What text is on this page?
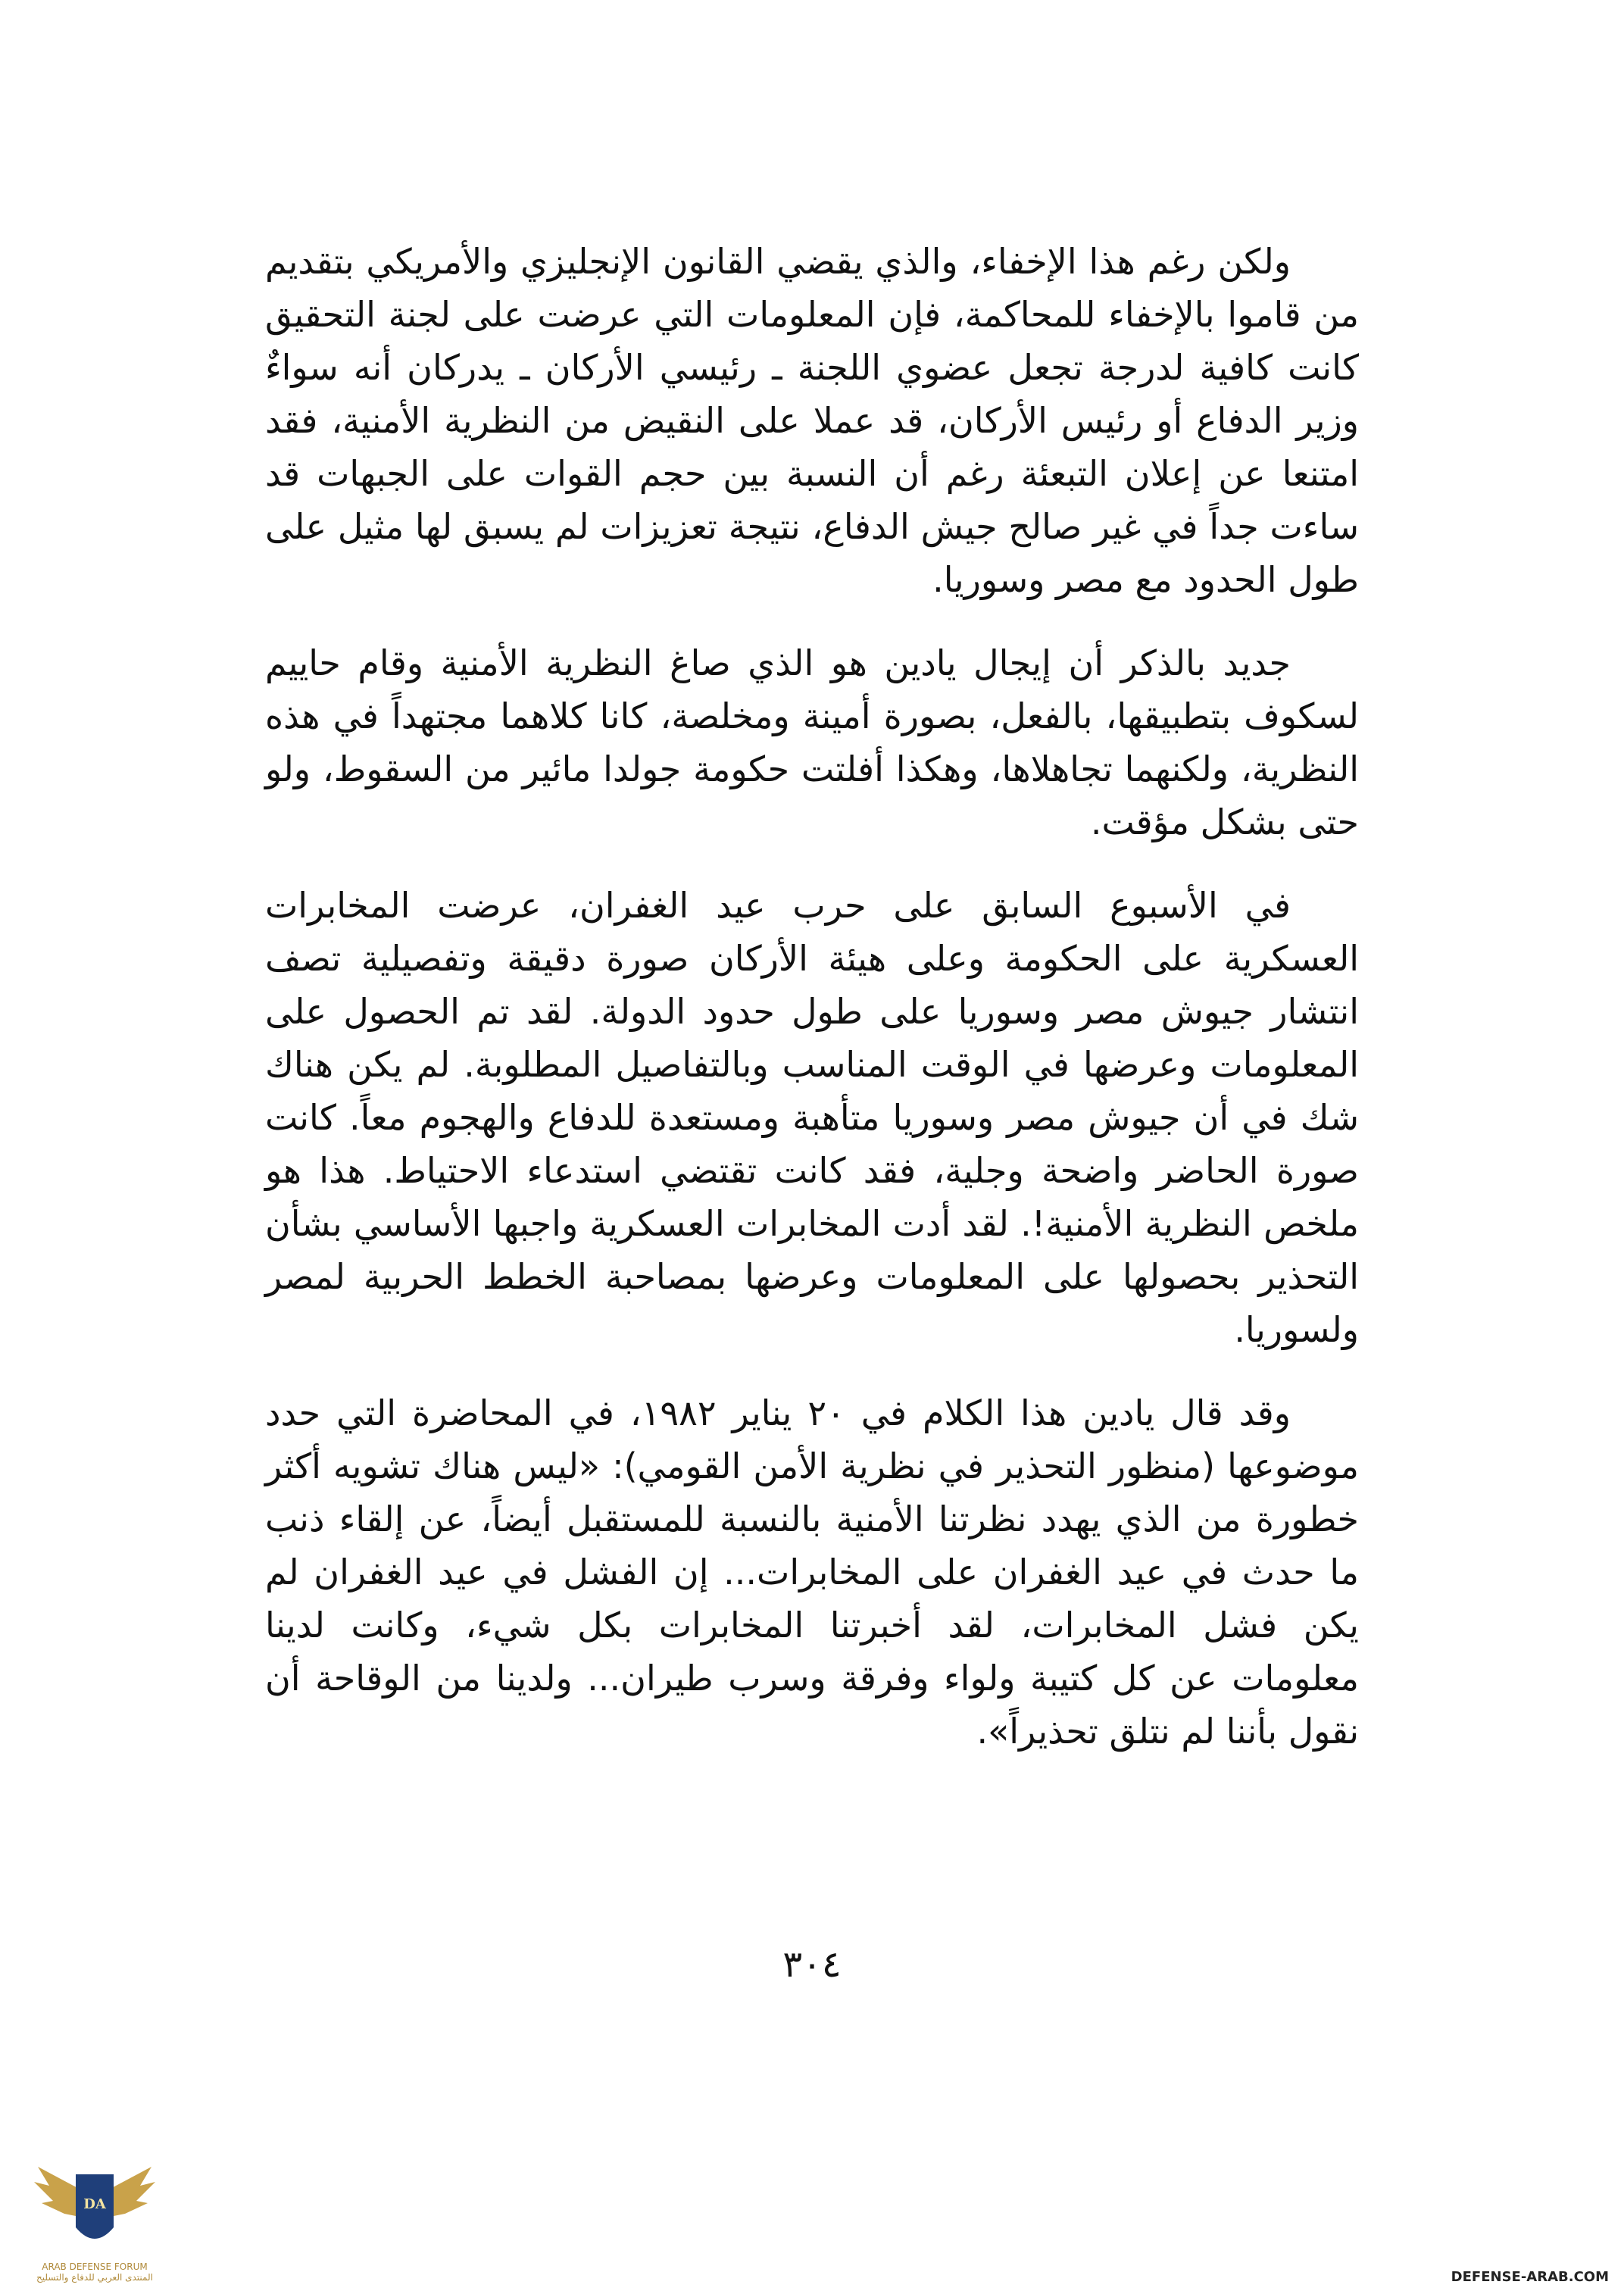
ولكن رغم هذا الإخفاء، والذي يقضي القانون الإنجليزي والأمريكي بتقديم من قاموا بالإخفاء للمحاكمة، فإن المعلومات التي عرضت على لجنة التحقيق كانت كافية لدرجة تجعل عضوي اللجنة ـ رئيسي الأركان ـ يدركان أنه سواءٌ وزير الدفاع أو رئيس الأركان، قد عملا على النقيض من النظرية الأمنية، فقد امتنعا عن إعلان التبعئة رغم أن النسبة بين حجم القوات على الجبهات قد ساءت جداً في غير صالح جيش الدفاع، نتيجة تعزيزات لم يسبق لها مثيل على طول الحدود مع مصر وسوريا.

جديد بالذكر أن إيجال يادين هو الذي صاغ النظرية الأمنية وقام حاييم لسكوف بتطبيقها، بالفعل، بصورة أمينة ومخلصة، كانا كلاهما مجتهداً في هذه النظرية، ولكنهما تجاهلاها، وهكذا أفلتت حكومة جولدا مائير من السقوط، ولو حتى بشكل مؤقت.

في الأسبوع السابق على حرب عيد الغفران، عرضت المخابرات العسكرية على الحكومة وعلى هيئة الأركان صورة دقيقة وتفصيلية تصف انتشار جيوش مصر وسوريا على طول حدود الدولة. لقد تم الحصول على المعلومات وعرضها في الوقت المناسب وبالتفاصيل المطلوبة. لم يكن هناك شك في أن جيوش مصر وسوريا متأهبة ومستعدة للدفاع والهجوم معاً. كانت صورة الحاضر واضحة وجلية، فقد كانت تقتضي استدعاء الاحتياط. هذا هو ملخص النظرية الأمنية!. لقد أدت المخابرات العسكرية واجبها الأساسي بشأن التحذير بحصولها على المعلومات وعرضها بمصاحبة الخطط الحربية لمصر ولسوريا.

وقد قال يادين هذا الكلام في ٢٠ يناير ١٩٨٢، في المحاضرة التي حدد موضوعها (منظور التحذير في نظرية الأمن القومي): «ليس هناك تشويه أكثر خطورة من الذي يهدد نظرتنا الأمنية بالنسبة للمستقبل أيضاً، عن إلقاء ذنب ما حدث في عيد الغفران على المخابرات... إن الفشل في عيد الغفران لم يكن فشل المخابرات، لقد أخبرتنا المخابرات بكل شيء، وكانت لدينا معلومات عن كل كتيبة ولواء وفرقة وسرب طيران... ولدينا من الوقاحة أن نقول بأننا لم نتلق تحذيراً».

٣٠٤
DA
ARAB DEFENSE FORUM
المنتدى العربي للدفاع والتسليح	DEFENSE-ARAB.COM
